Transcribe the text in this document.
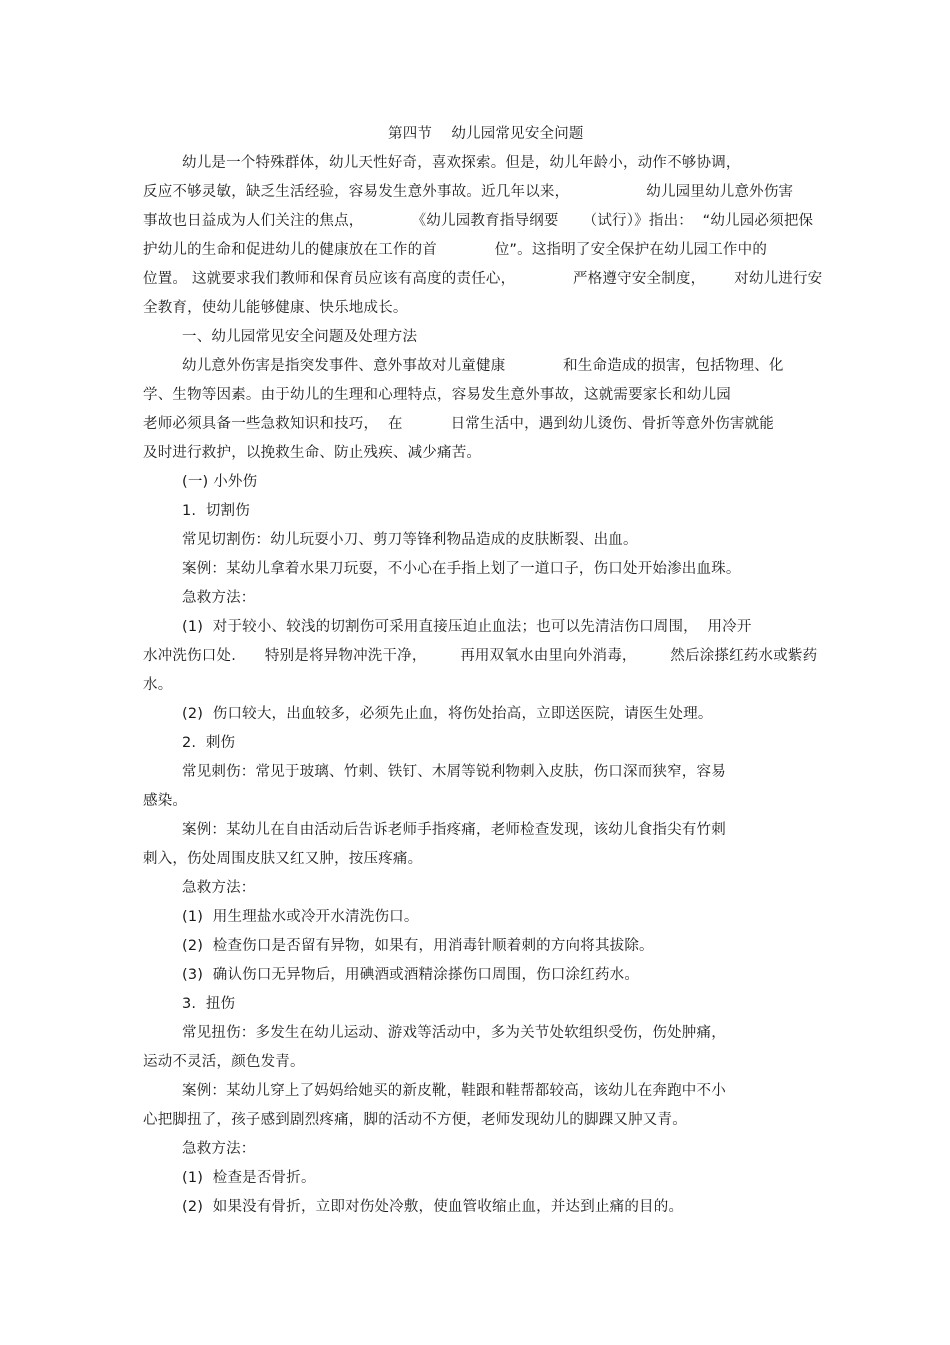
第四节    幼儿园常见安全问题
幼儿是一个特殊群体，幼儿天性好奇，喜欢探索。但是，幼儿年龄小，动作不够协调，
反应不够灵敏，缺乏生活经验，容易发生意外事故。近几年以来，                幼儿园里幼儿意外伤害
事故也日益成为人们关注的焦点，          《幼儿园教育指导纲要     （试行）》指出：  “幼儿园必须把保
护幼儿的生命和促进幼儿的健康放在工作的首            位”。这指明了安全保护在幼儿园工作中的
位置。 这就要求我们教师和保育员应该有高度的责任心，            严格遵守安全制度，      对幼儿进行安
全教育，使幼儿能够健康、快乐地成长。
一、幼儿园常见安全问题及处理方法
幼儿意外伤害是指突发事件、意外事故对儿童健康            和生命造成的损害，包括物理、化
学、生物等因素。由于幼儿的生理和心理特点，容易发生意外事故，这就需要家长和幼儿园
老师必须具备一些急救知识和技巧，  在          日常生活中，遇到幼儿烫伤、骨折等意外伤害就能
及时进行救护，以挽救生命、防止残疾、减少痛苦。
(一) 小外伤
1.  切割伤
常见切割伤：幼儿玩耍小刀、剪刀等锋利物品造成的皮肤断裂、出血。
案例：某幼儿拿着水果刀玩耍，不小心在手指上划了一道口子，伤口处开始渗出血珠。
急救方法：
(1)  对于较小、较浅的切割伤可采用直接压迫止血法；也可以先清洁伤口周围，  用冷开
水冲洗伤口处.      特别是将异物冲洗干净，       再用双氧水由里向外消毒，       然后涂搽红药水或紫药
水。
(2)  伤口较大，出血较多，必须先止血，将伤处抬高，立即送医院，请医生处理。
2.  刺伤
常见刺伤：常见于玻璃、竹刺、铁钉、木屑等锐利物刺入皮肤，伤口深而狭窄，容易
感染。
案例：某幼儿在自由活动后告诉老师手指疼痛，老师检查发现，该幼儿食指尖有竹刺
刺入，伤处周围皮肤又红又肿，按压疼痛。
急救方法：
(1)  用生理盐水或冷开水清洗伤口。
(2)  检查伤口是否留有异物，如果有，用消毒针顺着刺的方向将其拔除。
(3)  确认伤口无异物后，用碘酒或酒精涂搽伤口周围，伤口涂红药水。
3.  扭伤
常见扭伤：多发生在幼儿运动、游戏等活动中，多为关节处软组织受伤，伤处肿痛，
运动不灵活，颜色发青。
案例：某幼儿穿上了妈妈给她买的新皮靴，鞋跟和鞋帮都较高，该幼儿在奔跑中不小
心把脚扭了，孩子感到剧烈疼痛，脚的活动不方便，老师发现幼儿的脚踝又肿又青。
急救方法：
(1)  检查是否骨折。
(2)  如果没有骨折，立即对伤处冷敷，使血管收缩止血，并达到止痛的目的。
